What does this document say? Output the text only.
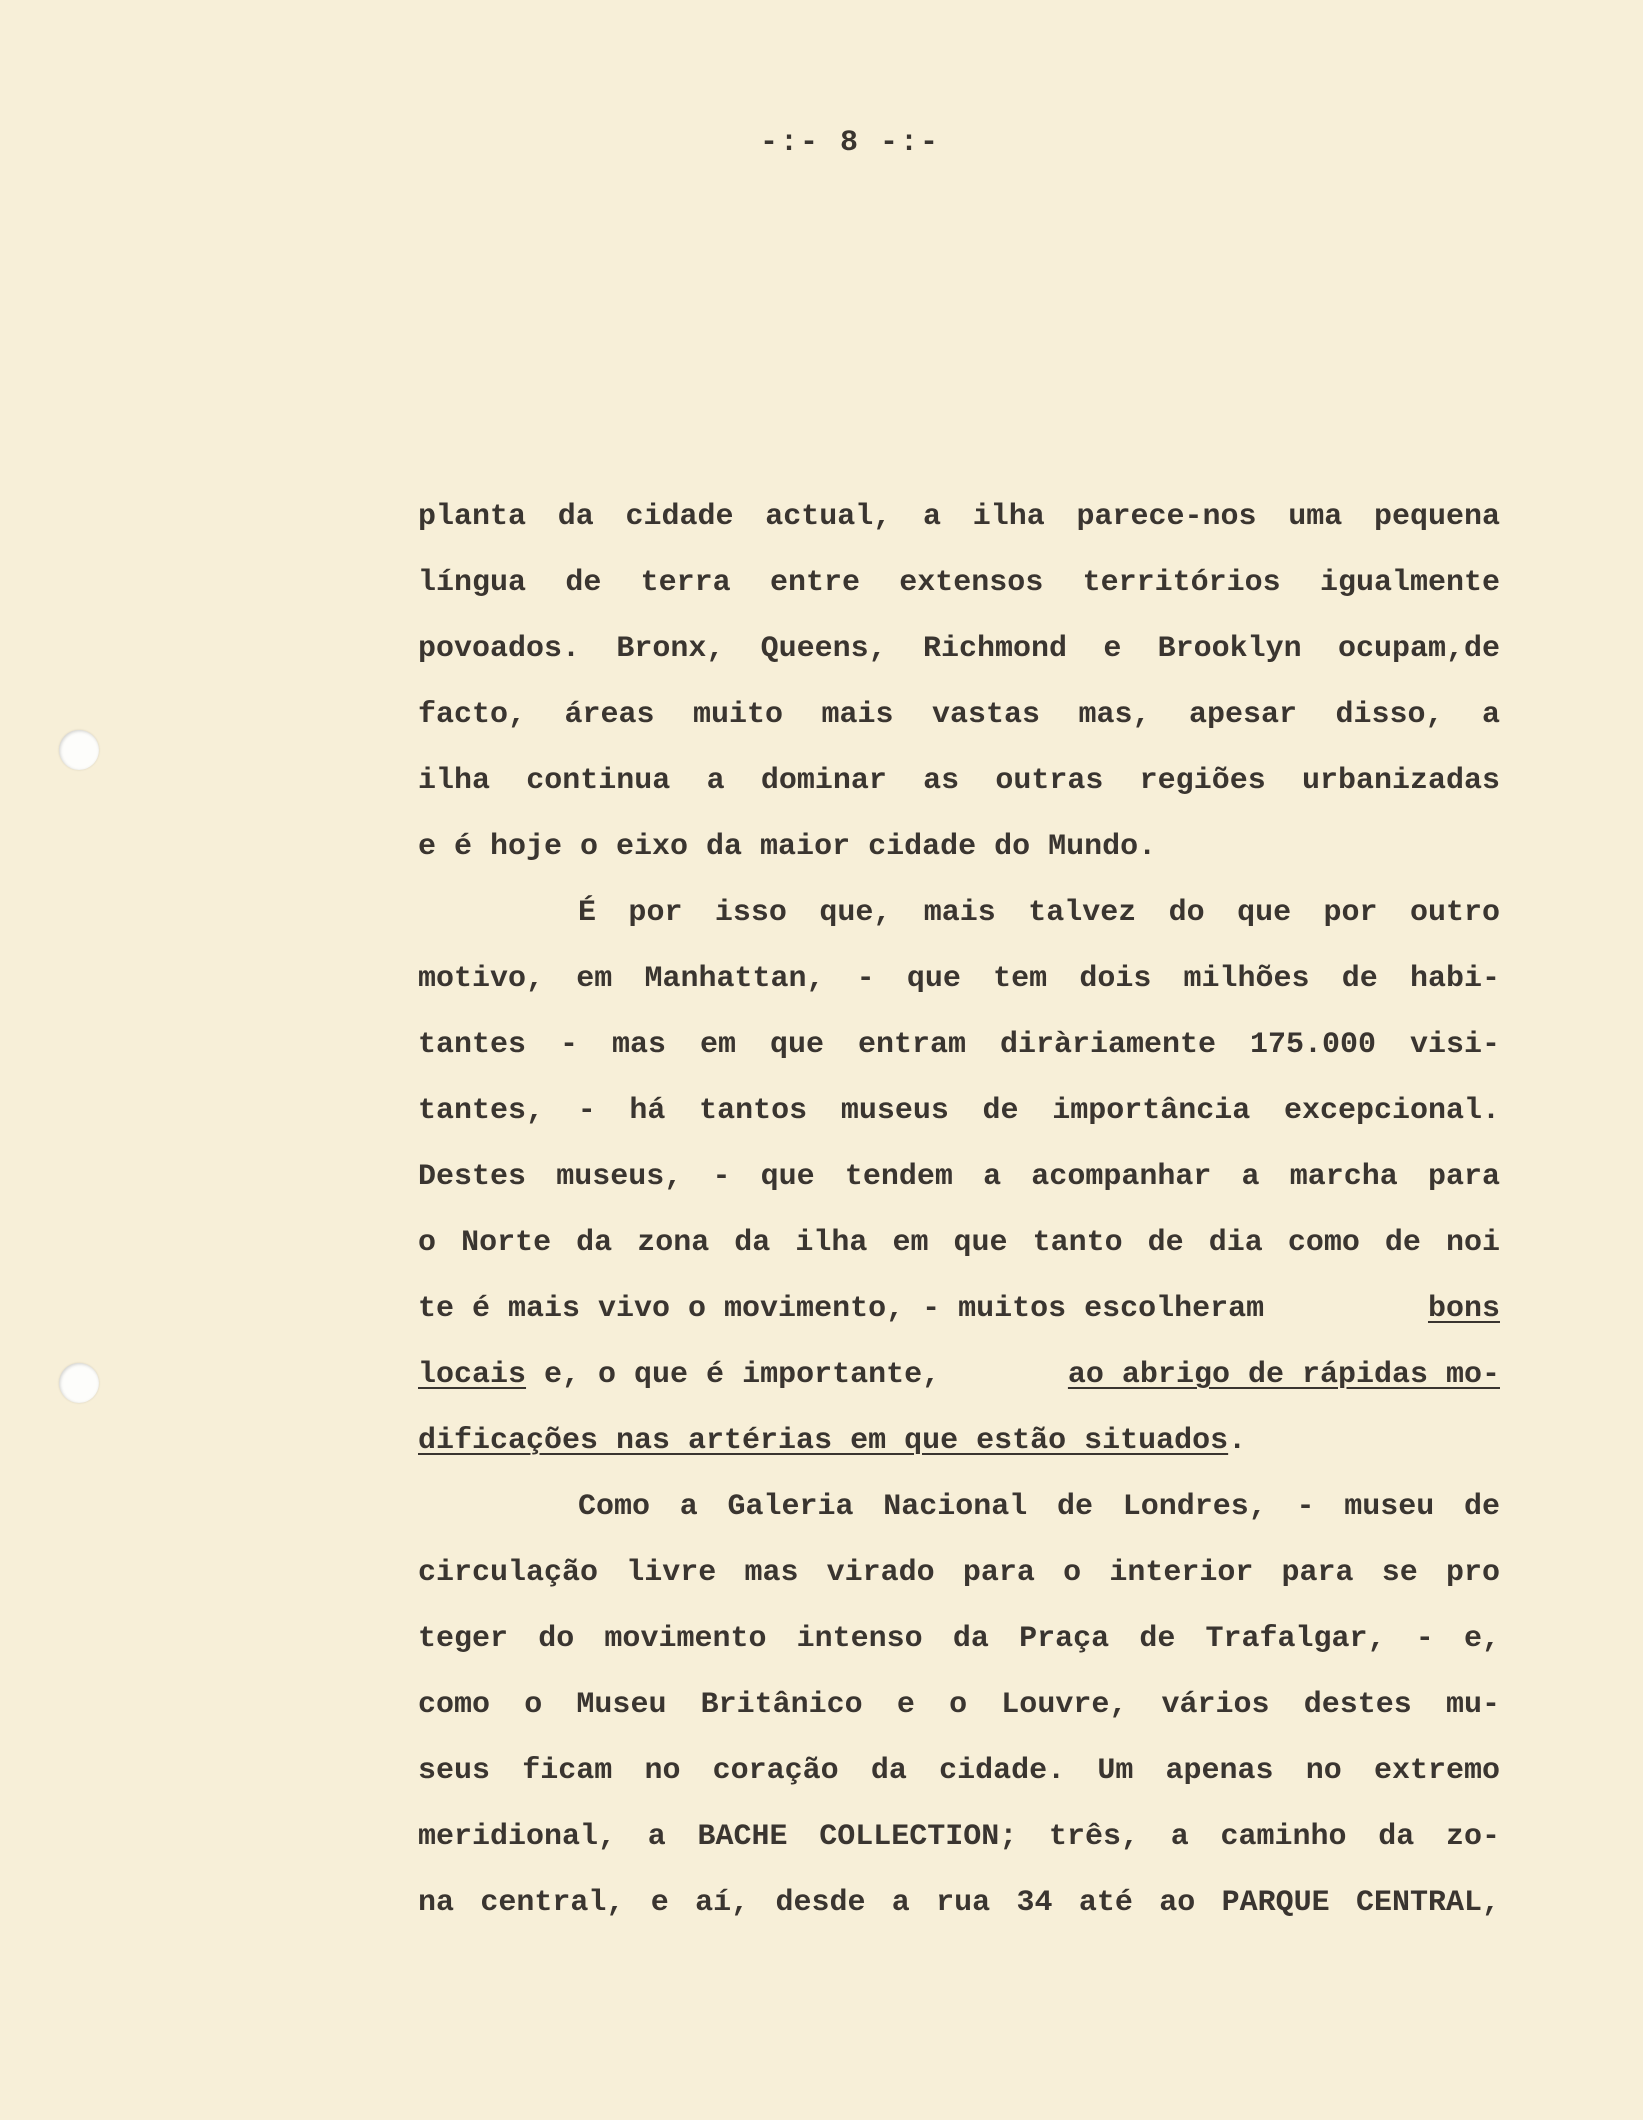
-:- 8 -:-
planta da cidade actual, a ilha parece-nos uma pequena
língua de terra entre extensos territórios igualmente
povoados. Bronx, Queens, Richmond e Brooklyn ocupam,de
facto, áreas muito mais vastas mas, apesar disso, a
ilha continua a dominar as outras regiões urbanizadas
e é hoje o eixo da maior cidade do Mundo.
É por isso que, mais talvez do que por outro
motivo, em Manhattan, - que tem dois milhões de habi-
tantes - mas em que entram diràriamente 175.000 visi-
tantes, - há tantos museus de importância excepcional.
Destes museus, - que tendem a acompanhar a marcha para
o Norte da zona da ilha em que tanto de dia como de noi
te é mais vivo o movimento, - muitos escolheram	bons
locais e, o que é importante,	ao abrigo de rápidas mo-
dificações nas artérias em que estão situados.
Como a Galeria Nacional de Londres, - museu de
circulação livre mas virado para o interior para se pro
teger do movimento intenso da Praça de Trafalgar, - e,
como o Museu Britânico e o Louvre, vários destes mu-
seus ficam no coração da cidade. Um apenas no extremo
meridional, a BACHE COLLECTION; três, a caminho da zo-
na central, e aí, desde a rua 34 até ao PARQUE CENTRAL,
